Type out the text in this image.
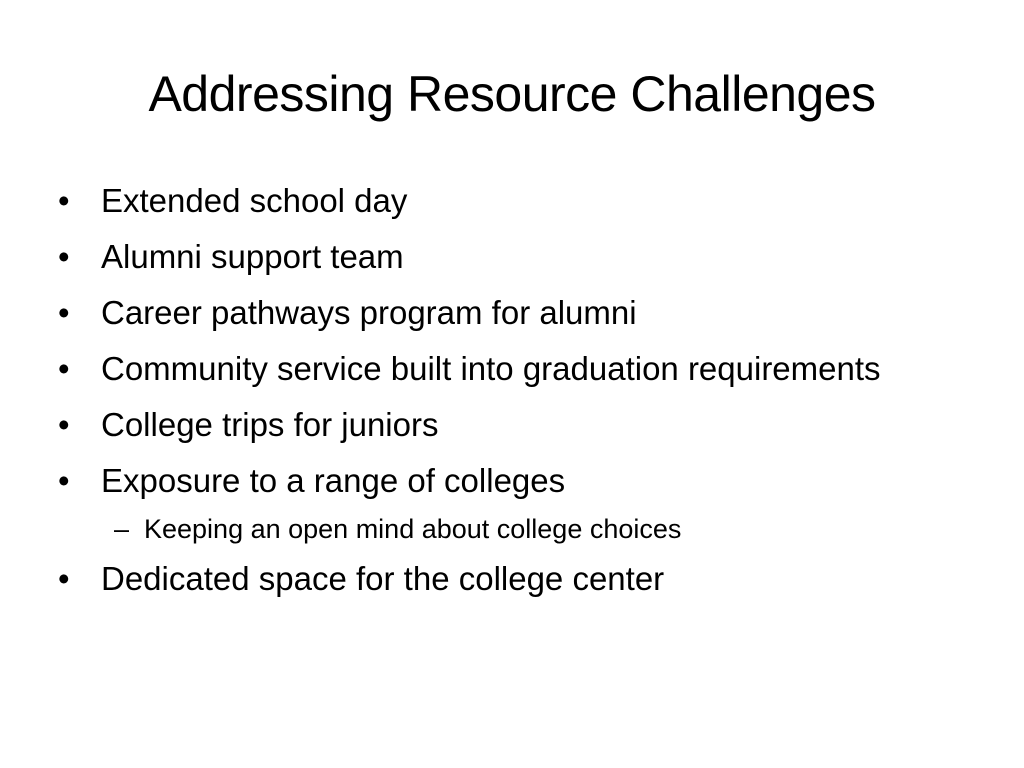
Addressing Resource Challenges
• Extended school day
• Alumni support team
• Career pathways program for alumni
• Community service built into graduation requirements
• College trips for juniors
• Exposure to a range of colleges
– Keeping an open mind about college choices
• Dedicated space for the college center
